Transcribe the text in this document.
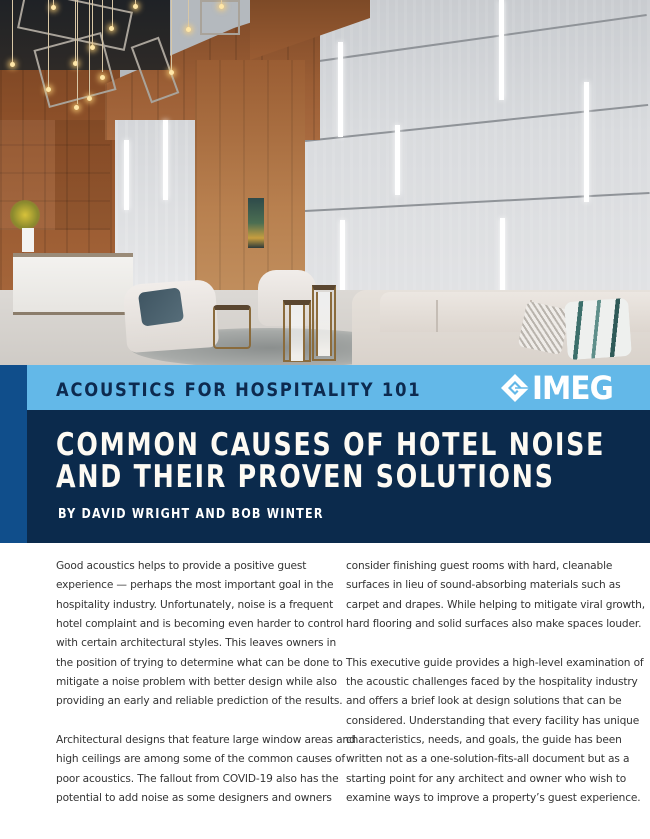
ACOUSTICS FOR HOSPITALITY 101	IMEG
COMMON CAUSES OF HOTEL NOISE
AND THEIR PROVEN SOLUTIONS
BY DAVID WRIGHT AND BOB WINTER

Good acoustics helps to provide a positive guest
experience — perhaps the most important goal in the
hospitality industry. Unfortunately, noise is a frequent
hotel complaint and is becoming even harder to control
with certain architectural styles. This leaves owners in
the position of trying to determine what can be done to
mitigate a noise problem with better design while also
providing an early and reliable prediction of the results.

Architectural designs that feature large window areas and
high ceilings are among some of the common causes of
poor acoustics. The fallout from COVID-19 also has the
potential to add noise as some designers and owners

consider finishing guest rooms with hard, cleanable
surfaces in lieu of sound-absorbing materials such as
carpet and drapes. While helping to mitigate viral growth,
hard flooring and solid surfaces also make spaces louder.

This executive guide provides a high-level examination of
the acoustic challenges faced by the hospitality industry
and offers a brief look at design solutions that can be
considered. Understanding that every facility has unique
characteristics, needs, and goals, the guide has been
written not as a one-solution-fits-all document but as a
starting point for any architect and owner who wish to
examine ways to improve a property’s guest experience.
